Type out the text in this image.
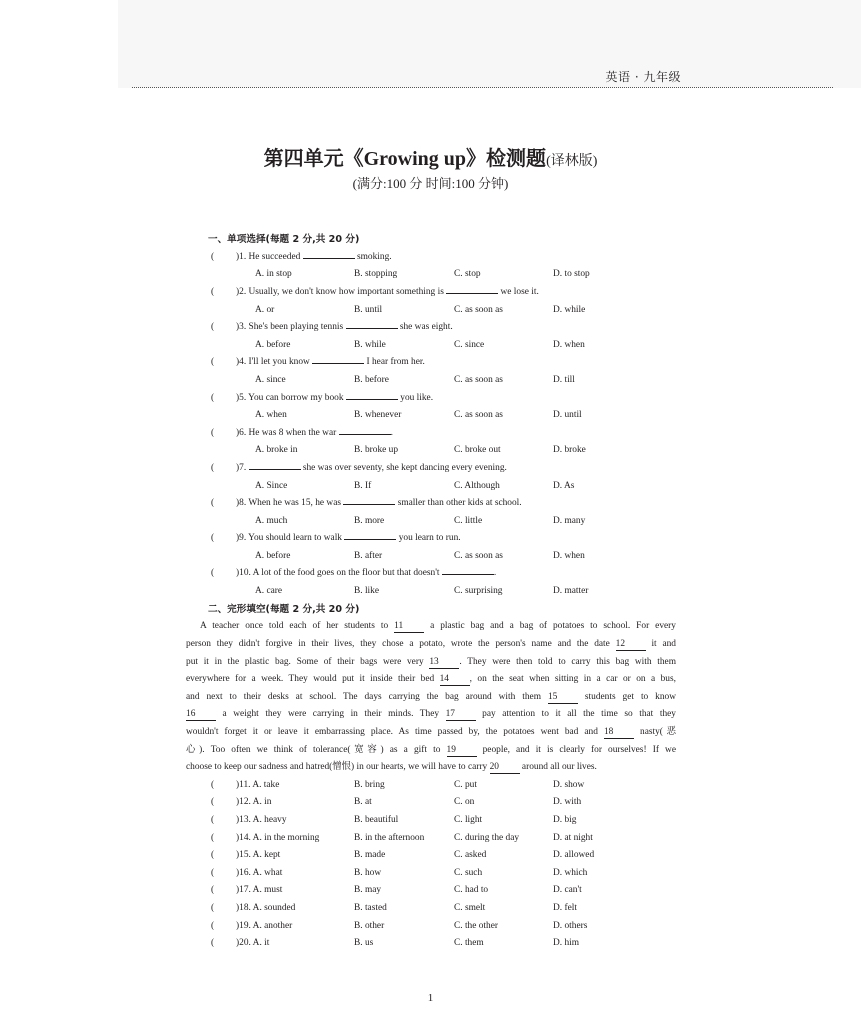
英语 · 九年级
第四单元《Growing up》检测题(译林版)
(满分:100 分 时间:100 分钟)
一、单项选择(每题 2 分,共 20 分)
( )1. He succeeded	smoking.
A. in stop	B. stopping	C. stop	D. to stop
( )2. Usually, we don't know how important something is	we lose it.
A. or	B. until	C. as soon as	D. while
( )3. She's been playing tennis	she was eight.
A. before	B. while	C. since	D. when
( )4. I'll let you know	I hear from her.
A. since	B. before	C. as soon as	D. till
( )5. You can borrow my book	you like.
A. when	B. whenever	C. as soon as	D. until
( )6. He was 8 when the war	.
A. broke in	B. broke up	C. broke out	D. broke
( )7.	she was over seventy, she kept dancing every evening.
A. Since	B. If	C. Although	D. As
( )8. When he was 15, he was	smaller than other kids at school.
A. much	B. more	C. little	D. many
( )9. You should learn to walk	you learn to run.
A. before	B. after	C. as soon as	D. when
( )10. A lot of the food goes on the floor but that doesn't	.
A. care	B. like	C. surprising	D. matter
二、完形填空(每题 2 分,共 20 分)
A teacher once told each of her students to 11 a plastic bag and a bag of potatoes to school. For every
person they didn't forgive in their lives, they chose a potato, wrote the person's name and the date 12 it and
put it in the plastic bag. Some of their bags were very 13 . They were then told to carry this bag with them
everywhere for a week. They would put it inside their bed 14 , on the seat when sitting in a car or on a bus,
and next to their desks at school. The days carrying the bag around with them 15 students get to know
16 a weight they were carrying in their minds. They 17 pay attention to it all the time so that they
wouldn't forget it or leave it embarrassing place. As time passed by, the potatoes went bad and 18 nasty(恶
心). Too often we think of tolerance(宽容) as a gift to 19 people, and it is clearly for ourselves! If we
choose to keep our sadness and hatred(憎恨) in our hearts, we will have to carry 20 around all our lives.
( )11. A. take	B. bring	C. put	D. show
( )12. A. in	B. at	C. on	D. with
( )13. A. heavy	B. beautiful	C. light	D. big
( )14. A. in the morning	B. in the afternoon	C. during the day	D. at night
( )15. A. kept	B. made	C. asked	D. allowed
( )16. A. what	B. how	C. such	D. which
( )17. A. must	B. may	C. had to	D. can't
( )18. A. sounded	B. tasted	C. smelt	D. felt
( )19. A. another	B. other	C. the other	D. others
( )20. A. it	B. us	C. them	D. him
1
